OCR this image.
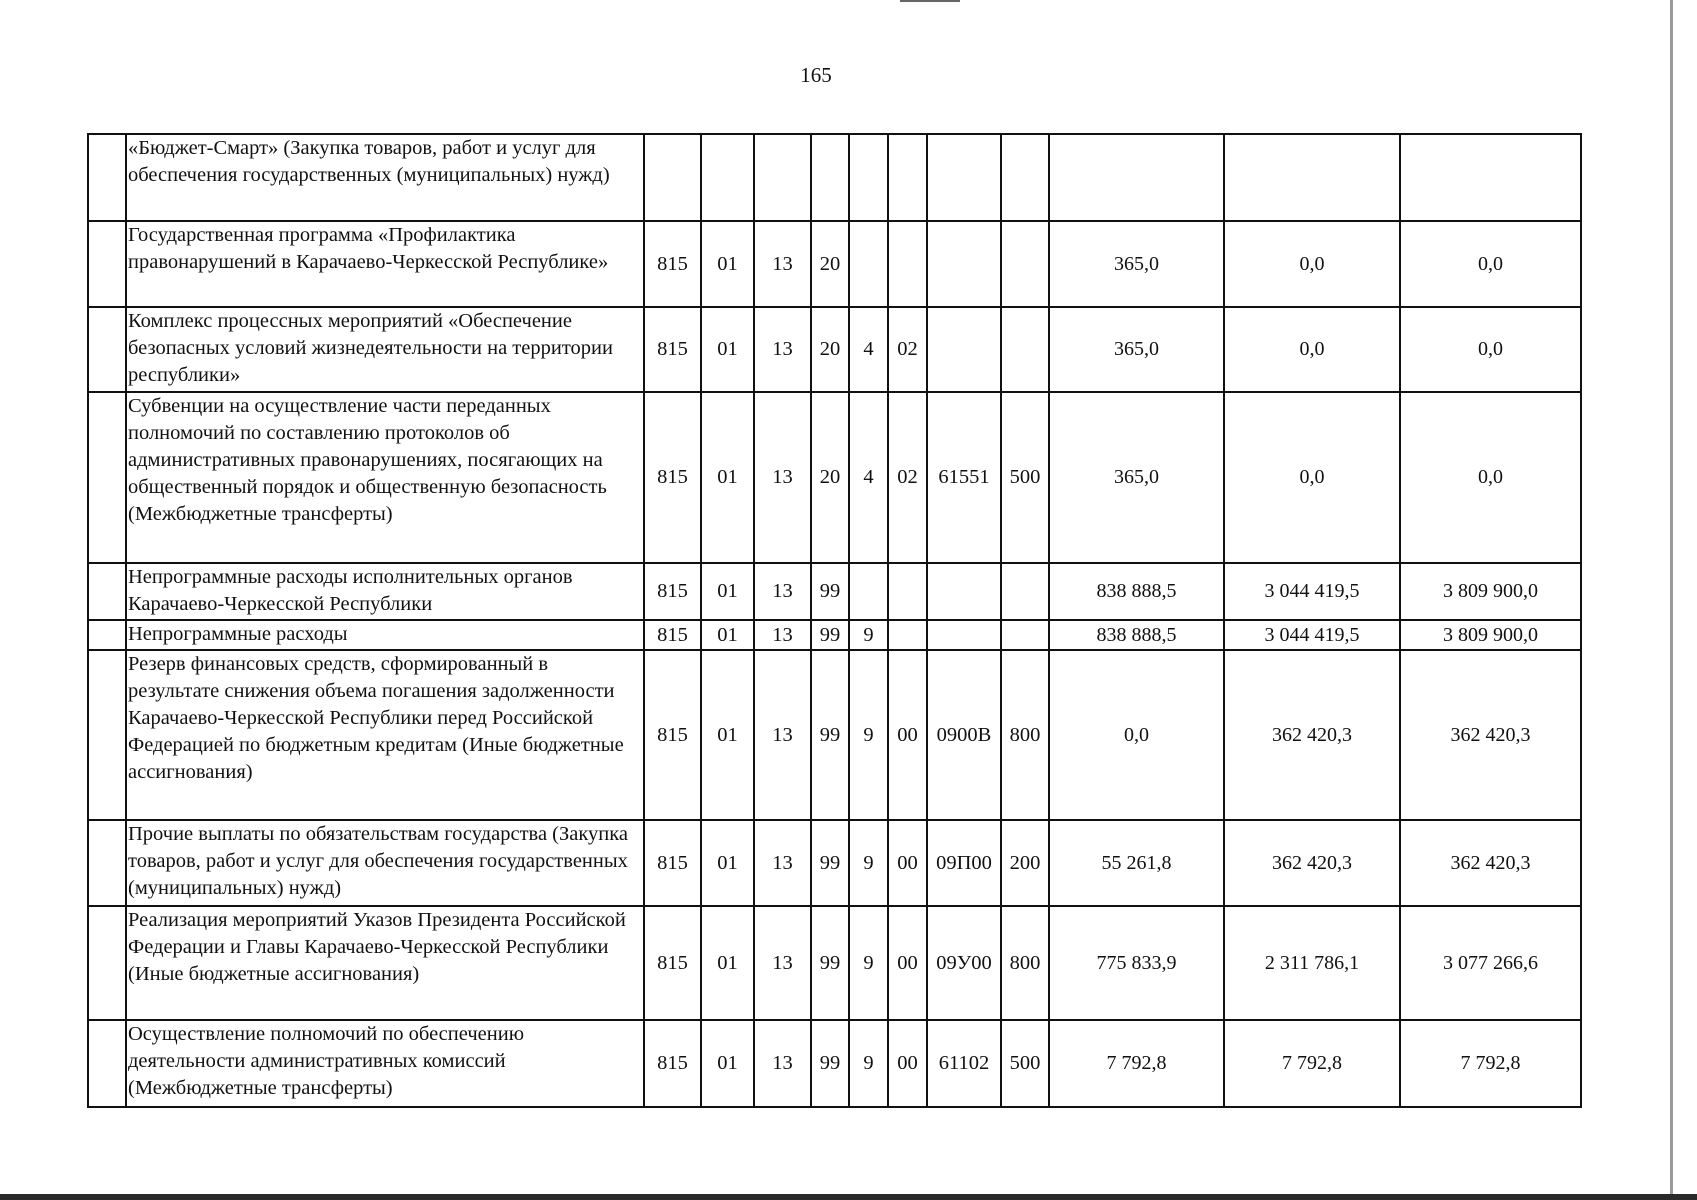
165
	«Бюджет-Смарт» (Закупка товаров, работ и услуг для обеспечения государственных (муниципальных) нужд)											
	Государственная программа «Профилактика правонарушений в Карачаево-Черкесской Республике»	815	01	13	20					365,0	0,0	0,0
	Комплекс процессных мероприятий «Обеспечение безопасных условий жизнедеятельности на территории республики»	815	01	13	20	4	02			365,0	0,0	0,0
	Субвенции на осуществление части переданных полномочий по составлению протоколов об административных правонарушениях, посягающих на общественный порядок и общественную безопасность (Межбюджетные трансферты)	815	01	13	20	4	02	61551	500	365,0	0,0	0,0
	Непрограммные расходы исполнительных органов Карачаево-Черкесской Республики	815	01	13	99					838 888,5	3 044 419,5	3 809 900,0
	Непрограммные расходы	815	01	13	99	9				838 888,5	3 044 419,5	3 809 900,0
	Резерв финансовых средств, сформированный в результате снижения объема погашения задолженности Карачаево-Черкесской Республики перед Российской Федерацией по бюджетным кредитам (Иные бюджетные ассигнования)	815	01	13	99	9	00	0900В	800	0,0	362 420,3	362 420,3
	Прочие выплаты по обязательствам государства (Закупка товаров, работ и услуг для обеспечения государственных (муниципальных) нужд)	815	01	13	99	9	00	09П00	200	55 261,8	362 420,3	362 420,3
	Реализация мероприятий Указов Президента Российской Федерации и Главы Карачаево-Черкесской Республики (Иные бюджетные ассигнования)	815	01	13	99	9	00	09У00	800	775 833,9	2 311 786,1	3 077 266,6
	Осуществление полномочий по обеспечению деятельности административных комиссий (Межбюджетные трансферты)	815	01	13	99	9	00	61102	500	7 792,8	7 792,8	7 792,8
